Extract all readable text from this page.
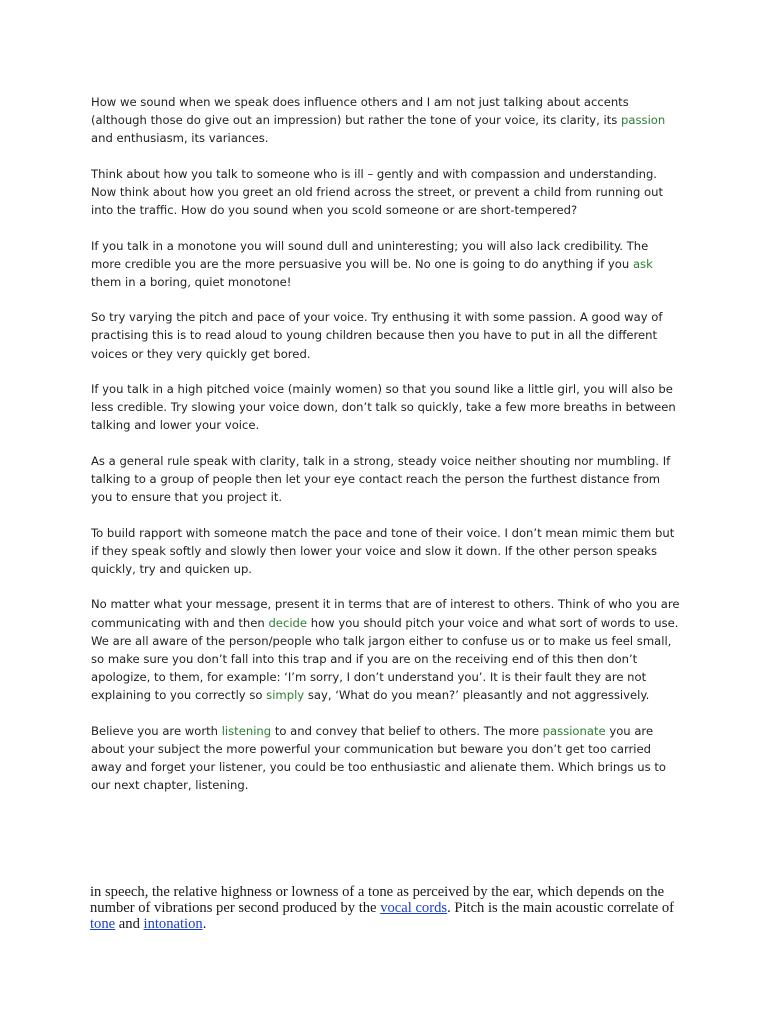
How we sound when we speak does influence others and I am not just talking about accents (although those do give out an impression) but rather the tone of your voice, its clarity, its passion and enthusiasm, its variances.

Think about how you talk to someone who is ill – gently and with compassion and understanding. Now think about how you greet an old friend across the street, or prevent a child from running out into the traffic. How do you sound when you scold someone or are short-tempered?

If you talk in a monotone you will sound dull and uninteresting; you will also lack credibility. The more credible you are the more persuasive you will be. No one is going to do anything if you ask them in a boring, quiet monotone!

So try varying the pitch and pace of your voice. Try enthusing it with some passion. A good way of practising this is to read aloud to young children because then you have to put in all the different voices or they very quickly get bored.

If you talk in a high pitched voice (mainly women) so that you sound like a little girl, you will also be less credible. Try slowing your voice down, don’t talk so quickly, take a few more breaths in between talking and lower your voice.

As a general rule speak with clarity, talk in a strong, steady voice neither shouting nor mumbling. If talking to a group of people then let your eye contact reach the person the furthest distance from you to ensure that you project it.

To build rapport with someone match the pace and tone of their voice. I don’t mean mimic them but if they speak softly and slowly then lower your voice and slow it down. If the other person speaks quickly, try and quicken up.

No matter what your message, present it in terms that are of interest to others. Think of who you are communicating with and then decide how you should pitch your voice and what sort of words to use. We are all aware of the person/people who talk jargon either to confuse us or to make us feel small, so make sure you don’t fall into this trap and if you are on the receiving end of this then don’t apologize, to them, for example: ‘I’m sorry, I don’t understand you’. It is their fault they are not explaining to you correctly so simply say, ‘What do you mean?’ pleasantly and not aggressively.

Believe you are worth listening to and convey that belief to others. The more passionate you are about your subject the more powerful your communication but beware you don’t get too carried away and forget your listener, you could be too enthusiastic and alienate them. Which brings us to our next chapter, listening.

in speech, the relative highness or lowness of a tone as perceived by the ear, which depends on the number of vibrations per second produced by the vocal cords. Pitch is the main acoustic correlate of tone and intonation.
